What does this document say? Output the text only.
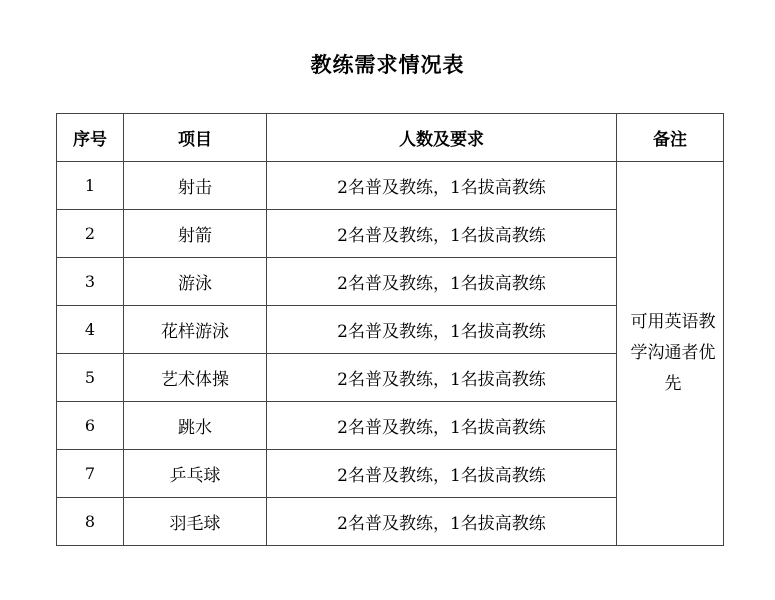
教练需求情况表
序号	项目	人数及要求	备注
1	射击	2名普及教练，1名拔高教练	可用英语教学沟通者优先

2	射箭	2名普及教练，1名拔高教练	
3	游泳	2名普及教练，1名拔高教练	
4	花样游泳	2名普及教练，1名拔高教练	
5	艺术体操	2名普及教练，1名拔高教练	
6	跳水	2名普及教练，1名拔高教练	
7	乒乓球	2名普及教练，1名拔高教练	
8	羽毛球	2名普及教练，1名拔高教练	
